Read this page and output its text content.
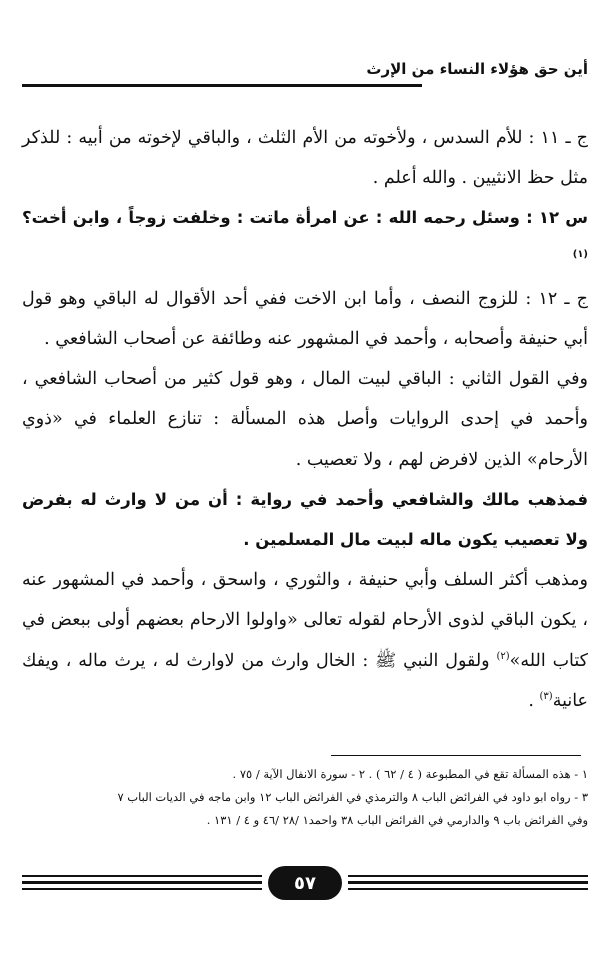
أين حق هؤلاء النساء من الإرث

ج ـ ١١ : للأم السدس ، ولأخوته من الأم الثلث ، والباقي لإخوته من أبيه : للذكر مثل حظ الانثيين . والله أعلم .

س ١٢ : وسئل رحمه الله : عن امرأة ماتت : وخلفت زوجاً ، وابن أخت؟$^{(١)}$

ج ـ ١٢ : للزوج النصف ، وأما ابن الاخت ففي أحد الأقوال له الباقي وهو قول أبي حنيفة وأصحابه ، وأحمد في المشهور عنه وطائفة عن أصحاب الشافعي .

وفي القول الثاني : الباقي لبيت المال ، وهو قول كثير من أصحاب الشافعي ، وأحمد في إحدى الروايات وأصل هذه المسألة : تنازع العلماء في «ذوي الأرحام» الذين لافرض لهم ، ولا تعصيب .

فمذهب مالك والشافعي وأحمد في رواية : أن من لا وارث له بفرض ولا تعصيب يكون ماله لبيت مال المسلمين .

ومذهب أكثر السلف وأبي حنيفة ، والثوري ، واسحق ، وأحمد في المشهور عنه ، يكون الباقي لذوى الأرحام لقوله تعالى «واولوا الارحام بعضهم أولى ببعض في كتاب الله»$^{(٢)}$ ولقول النبي ﷺ : الخال وارث من لاوارث له ، يرث ماله ، ويفك عانية$^{(٣)}$ .

١ - هذه المسألة تقع في المطبوعة ( ٤ / ٦٢ ) . ٢ - سورة الانفال الآية / ٧٥ .

٣ - رواه ابو داود في الفرائض الباب ٨ والترمذي في الفرائض الباب ١٢ وابن ماجه في الديات الباب ٧

وفي الفرائض باب ٩ والدارمي في الفرائض الباب ٣٨ واحمد١ /٢٨ /٤٦ و ٤ / ١٣١ .

٥٧
